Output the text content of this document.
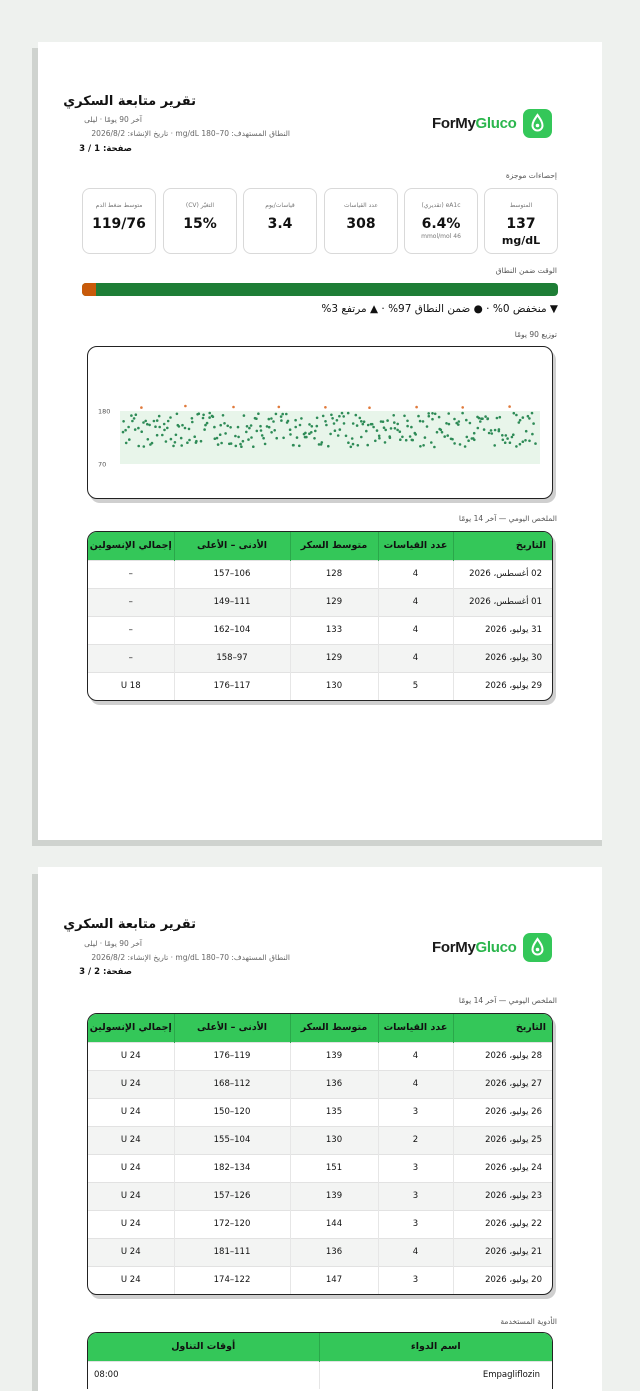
تقرير متابعة السكري
آخر 90 يومًا · ليلى
النطاق المستهدف: 70–180 mg/dL · تاريخ الإنشاء: 2026/8/2
صفحة: 1 / 3
ForMyGluco
إحصاءات موجزة
المتوسط
137
mg/dL
eA1c (تقديري)
6.4%
46 mmol/mol
عدد القياسات
308
قياسات/يوم
3.4
التغيّر (CV)
15%
متوسط ضغط الدم
119/76
الوقت ضمن النطاق
▼ منخفض 0% · ● ضمن النطاق 97% · ▲ مرتفع 3%
توزيع 90 يومًا
70
180
الملخص اليومي — آخر 14 يومًا
التاريخ	عدد القياسات	متوسط السكر	الأدنى – الأعلى	إجمالي الإنسولين
02 أغسطس، 2026	4	128	106–157	–
01 أغسطس، 2026	4	129	111–149	–
31 يوليو، 2026	4	133	104–162	–
30 يوليو، 2026	4	129	97–158	–
29 يوليو، 2026	5	130	117–176	18 U
تقرير متابعة السكري
آخر 90 يومًا · ليلى
النطاق المستهدف: 70–180 mg/dL · تاريخ الإنشاء: 2026/8/2
صفحة: 2 / 3
ForMyGluco
الملخص اليومي — آخر 14 يومًا
التاريخ	عدد القياسات	متوسط السكر	الأدنى – الأعلى	إجمالي الإنسولين
28 يوليو، 2026	4	139	119–176	24 U
27 يوليو، 2026	4	136	112–168	24 U
26 يوليو، 2026	3	135	120–150	24 U
25 يوليو، 2026	2	130	104–155	24 U
24 يوليو، 2026	3	151	134–182	24 U
23 يوليو، 2026	3	139	126–157	24 U
22 يوليو، 2026	3	144	120–172	24 U
21 يوليو، 2026	4	136	111–181	24 U
20 يوليو، 2026	3	147	122–174	24 U
الأدوية المستخدمة
اسم الدواء	أوقات التناول
Empagliflozin	08:00
